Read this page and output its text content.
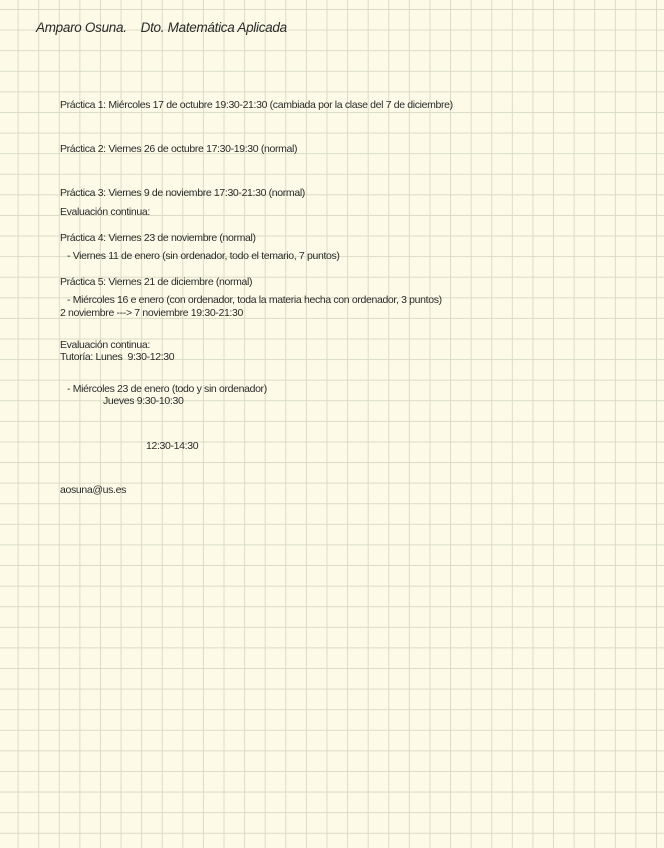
Amparo Osuna. Dto. Matemática Aplicada

Práctica 1: Miércoles 17 de octubre 19:30-21:30 (cambiada por la clase del 7 de diciembre)

Práctica 2: Viernes 26 de octubre 17:30-19:30 (normal)

Práctica 3: Viernes 9 de noviembre 17:30-21:30 (normal)

Práctica 4: Viernes 23 de noviembre (normal)

Práctica 5: Viernes 21 de diciembre (normal)

Evaluación continua:

- Viernes 11 de enero (sin ordenador, todo el temario, 7 puntos)

- Miércoles 16 e enero (con ordenador, toda la materia hecha con ordenador, 3 puntos)

Evaluación continua:

- Miércoles 23 de enero (todo y sin ordenador)

2 noviembre ---> 7 noviembre 19:30-21:30

Tutoría: Lunes  9:30-12:30

Jueves 9:30-10:30

12:30-14:30

aosuna@us.es
